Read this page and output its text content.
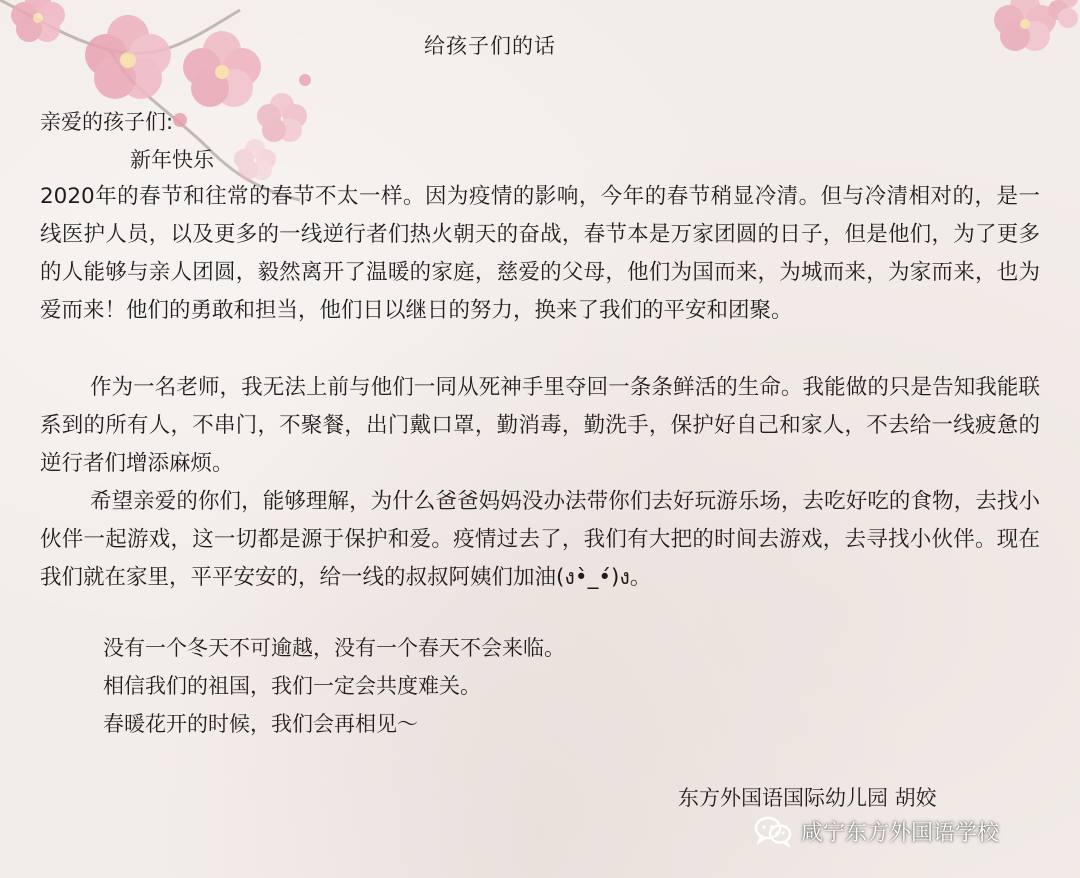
给孩子们的话
亲爱的孩子们:
新年快乐
2020年的春节和往常的春节不太一样。因为疫情的影响，今年的春节稍显冷清。但与冷清相对的，是一线医护人员，以及更多的一线逆行者们热火朝天的奋战，春节本是万家团圆的日子，但是他们，为了更多的人能够与亲人团圆，毅然离开了温暖的家庭，慈爱的父母，他们为国而来，为城而来，为家而来，也为爱而来！他们的勇敢和担当，他们日以继日的努力，换来了我们的平安和团聚。
作为一名老师，我无法上前与他们一同从死神手里夺回一条条鲜活的生命。我能做的只是告知我能联系到的所有人，不串门，不聚餐，出门戴口罩，勤消毒，勤洗手，保护好自己和家人，不去给一线疲惫的逆行者们增添麻烦。
希望亲爱的你们，能够理解，为什么爸爸妈妈没办法带你们去好玩游乐场，去吃好吃的食物，去找小伙伴一起游戏，这一切都是源于保护和爱。疫情过去了，我们有大把的时间去游戏，去寻找小伙伴。现在我们就在家里，平平安安的，给一线的叔叔阿姨们加油(ง•̀_•́)ง。
没有一个冬天不可逾越，没有一个春天不会来临。
相信我们的祖国，我们一定会共度难关。
春暖花开的时候，我们会再相见～
东方外国语国际幼儿园 胡姣
咸宁东方外国语学校
